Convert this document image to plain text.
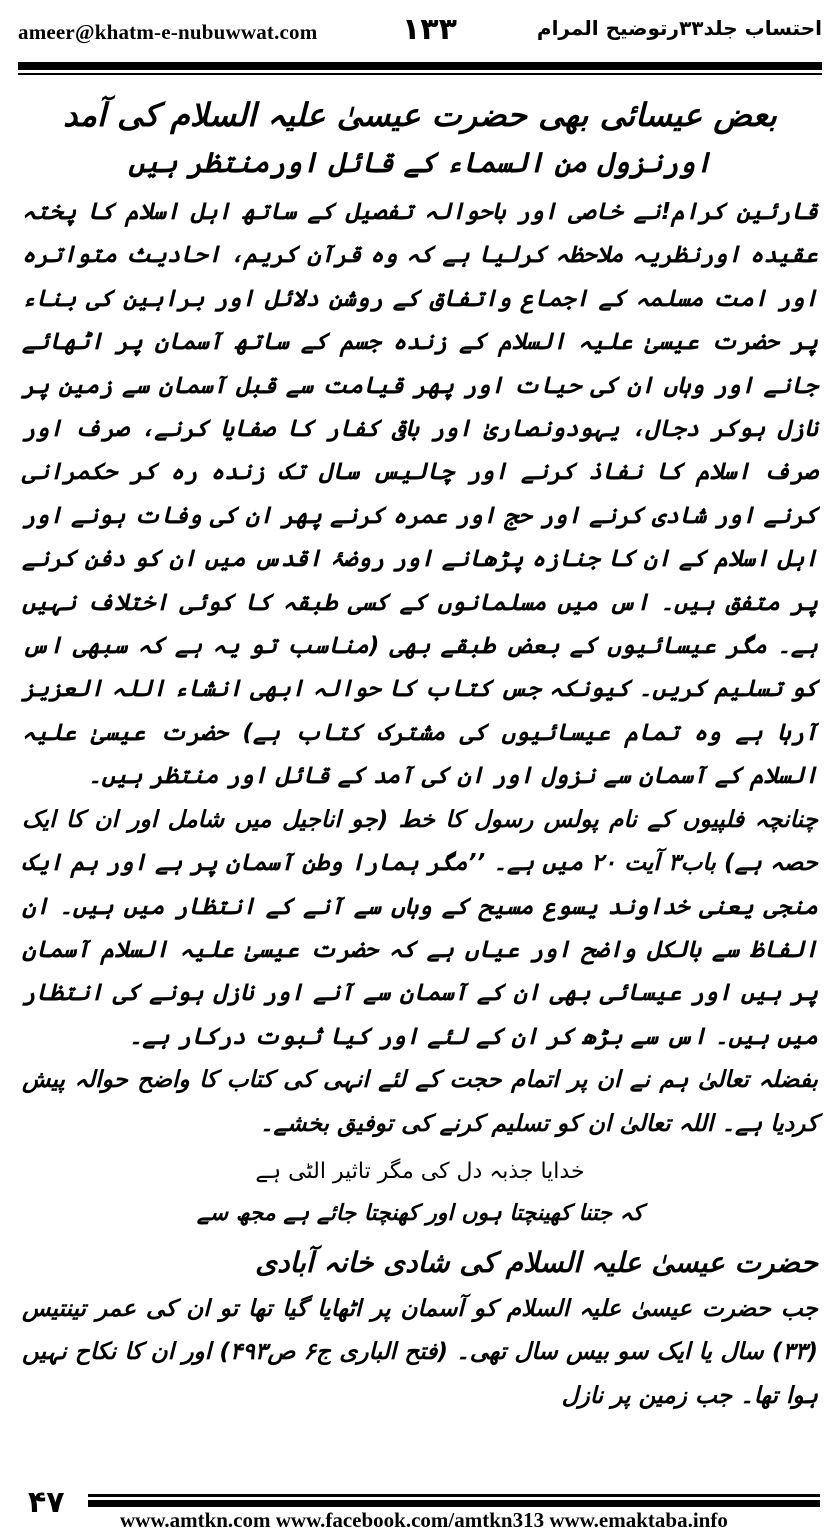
ameer@khatm-e-nubuwwat.com	۱۳۳	احتساب جلد۳۳رتوضیح المرام
بعض عیسائی بھی حضرت عیسیٰ علیہ السلام کی آمد
اورنزول من السماء کے قائل اورمنتظر ہیں

قارئین کرام!نے خاصی اور باحوالہ تفصیل کے ساتھ اہل اسلام کا پختہ عقیدہ اورنظریہ ملاحظہ کرلیا ہے کہ وہ قرآن کریم، احادیث متواترہ اور امت مسلمہ کے اجماع واتفاق کے روشن دلائل اور براہین کی بناء پر حضرت عیسیٰ علیہ السلام کے زندہ جسم کے ساتھ آسمان پر اٹھائے جانے اور وہاں ان کی حیات اور پھر قیامت سے قبل آسمان سے زمین پر نازل ہوکر دجال، یہودونصاریٰ اور باقی کفار کا صفایا کرنے، صرف اور صرف اسلام کا نفاذ کرنے اور چالیس سال تک زندہ رہ کر حکمرانی کرنے اور شادی کرنے اور حج اور عمرہ کرنے پھر ان کی وفات ہونے اور اہل اسلام کے ان کا جنازہ پڑھانے اور روضۂ اقدس میں ان کو دفن کرنے پر متفق ہیں۔ اس میں مسلمانوں کے کسی طبقہ کا کوئی اختلاف نہیں ہے۔ مگر عیسائیوں کے بعض طبقے بھی (مناسب تو یہ ہے کہ سبھی اس کو تسلیم کریں۔ کیونکہ جس کتاب کا حوالہ ابھی انشاء اللہ العزیز آرہا ہے وہ تمام عیسائیوں کی مشترک کتاب ہے) حضرت عیسیٰ علیہ السلام کے آسمان سے نزول اور ان کی آمد کے قائل اور منتظر ہیں۔

چنانچہ فلپیوں کے نام پولس رسول کا خط (جو اناجیل میں شامل اور ان کا ایک حصہ ہے) باب۳ آیت ۲۰ میں ہے۔ ’’مگر ہمارا وطن آسمان پر ہے اور ہم ایک منجی یعنی خداوند یسوع مسیح کے وہاں سے آنے کے انتظار میں ہیں۔ ان الفاظ سے بالکل واضح اور عیاں ہے کہ حضرت عیسیٰ علیہ السلام آسمان پر ہیں اور عیسائی بھی ان کے آسمان سے آنے اور نازل ہونے کی انتظار میں ہیں۔ اس سے بڑھ کر ان کے لئے اور کیا ثبوت درکار ہے۔

بفضلہ تعالیٰ ہم نے ان پر اتمام حجت کے لئے انہی کی کتاب کا واضح حوالہ پیش کردیا ہے۔ اللہ تعالیٰ ان کو تسلیم کرنے کی توفیق بخشے۔

خدایا جذبہ دل کی مگر تاثیر الٹی ہے
کہ جتنا کھینچتا ہوں اور کھنچتا جائے ہے مجھ سے
حضرت عیسیٰ علیہ السلام کی شادی خانہ آبادی

جب حضرت عیسیٰ علیہ السلام کو آسمان پر اٹھایا گیا تھا تو ان کی عمر تینتیس (۳۳) سال یا ایک سو بیس سال تھی۔ (فتح الباری ج۶ ص۴۹۳) اور ان کا نکاح نہیں ہوا تھا۔ جب زمین پر نازل

۴۷	www.amtkn.com www.facebook.com/amtkn313 www.emaktaba.info
